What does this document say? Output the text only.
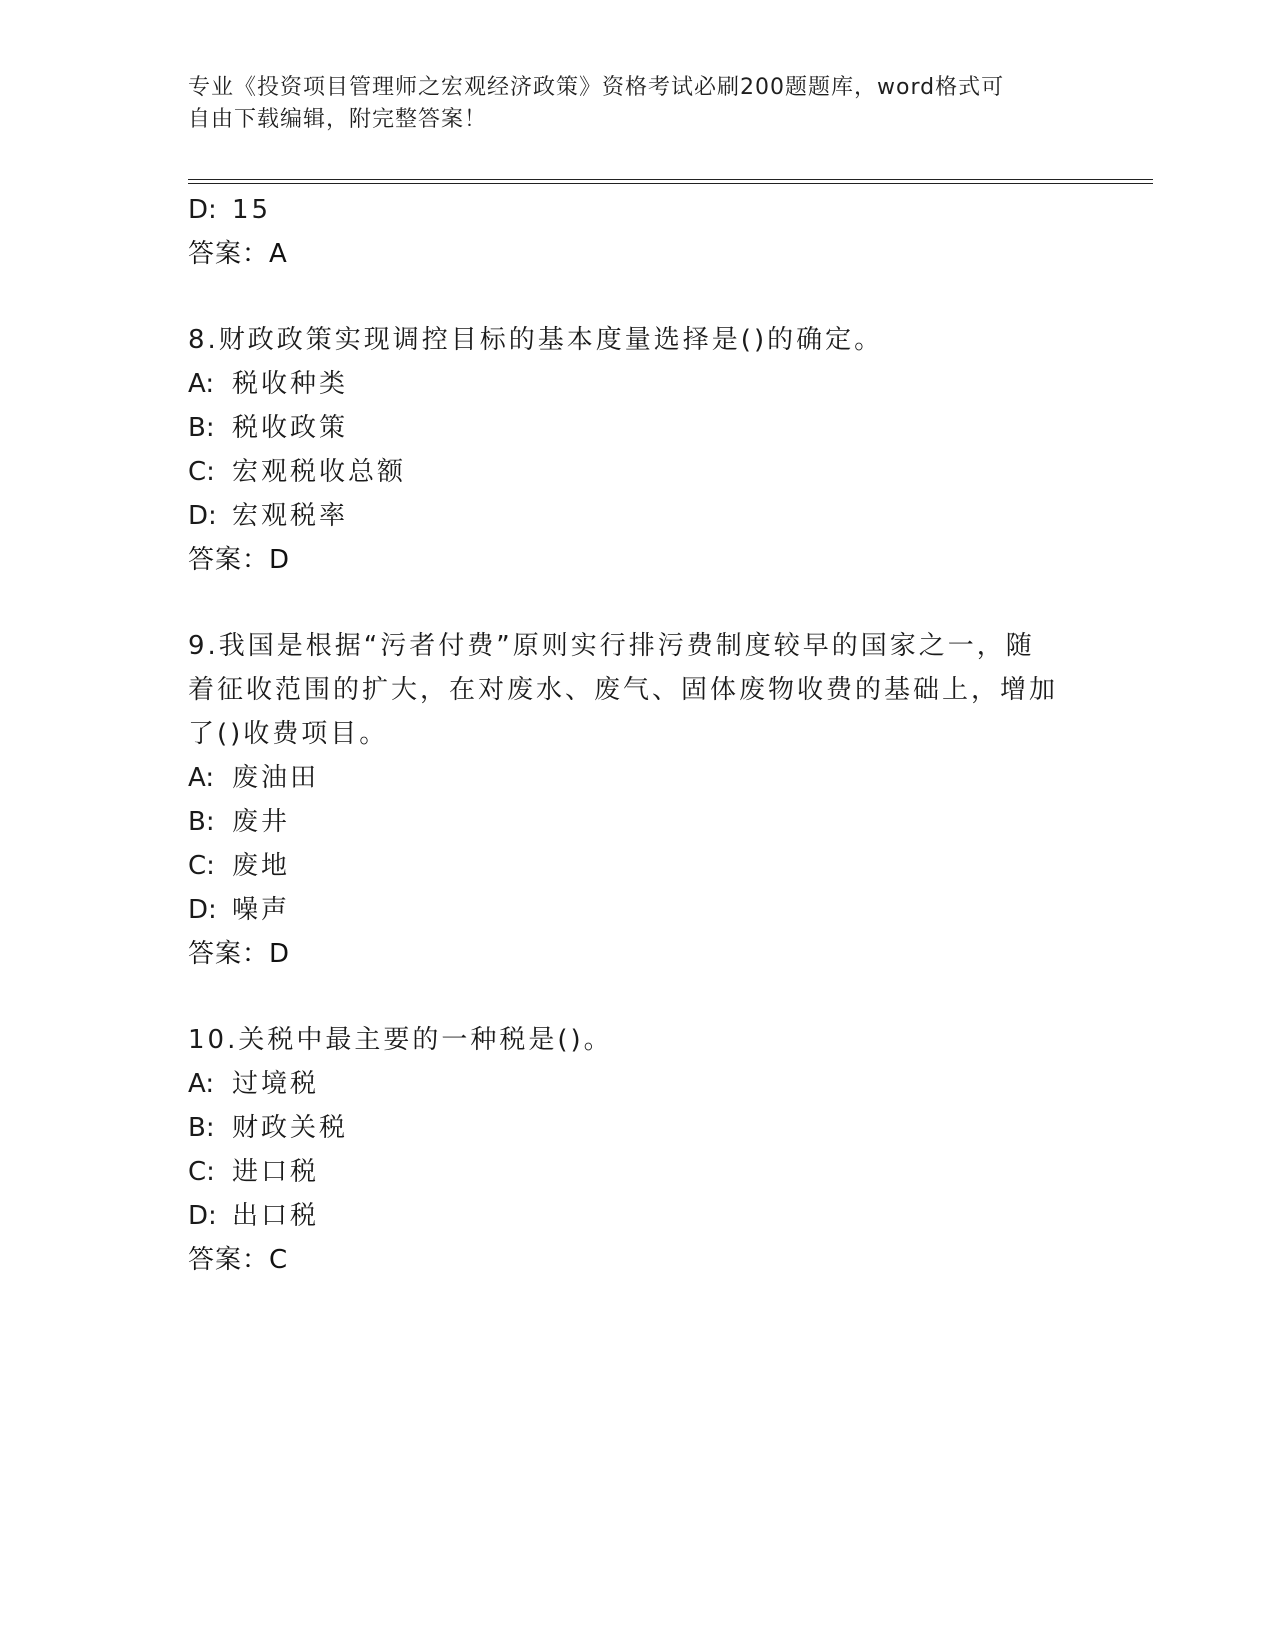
专业《投资项目管理师之宏观经济政策》资格考试必刷200题题库，word格式可
自由下载编辑，附完整答案！
D: 15
答案：A
8.财政政策实现调控目标的基本度量选择是()的确定。
A: 税收种类
B: 税收政策
C: 宏观税收总额
D: 宏观税率
答案：D
9.我国是根据“污者付费”原则实行排污费制度较早的国家之一，随
着征收范围的扩大，在对废水、废气、固体废物收费的基础上，增加
了()收费项目。
A: 废油田
B: 废井
C: 废地
D: 噪声
答案：D
10.关税中最主要的一种税是()。
A: 过境税
B: 财政关税
C: 进口税
D: 出口税
答案：C
